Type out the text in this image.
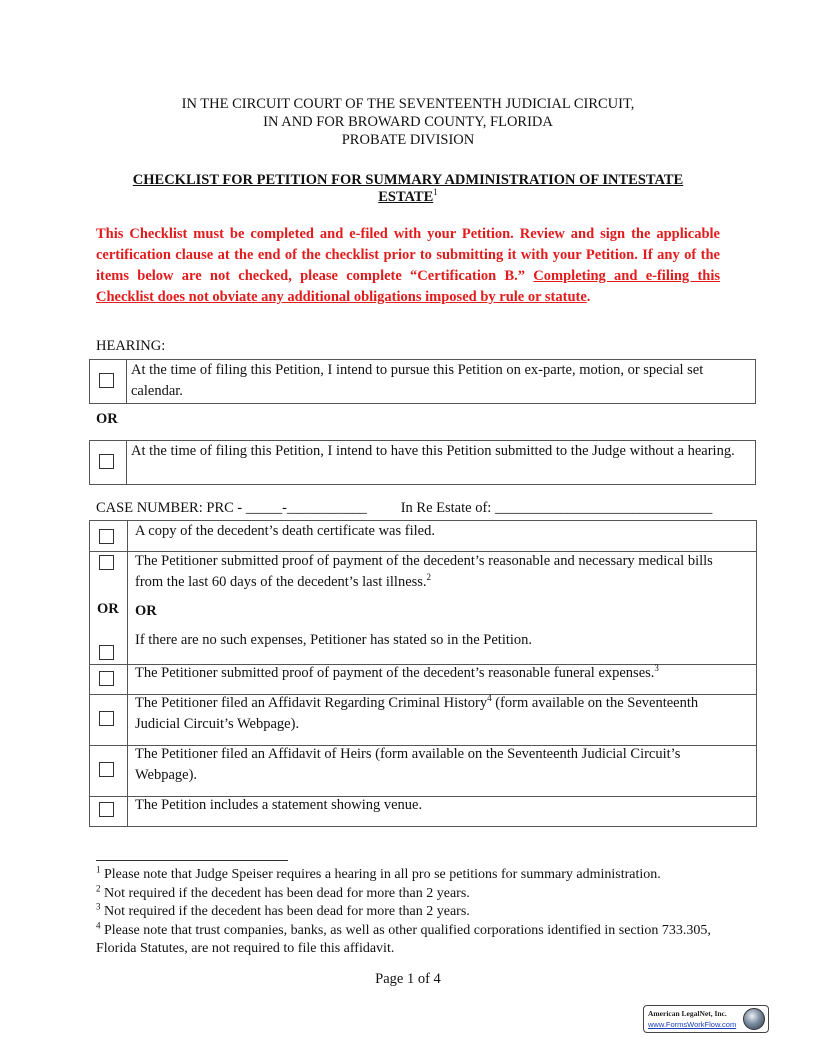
IN THE CIRCUIT COURT OF THE SEVENTEENTH JUDICIAL CIRCUIT,
IN AND FOR BROWARD COUNTY, FLORIDA
PROBATE DIVISION
CHECKLIST FOR PETITION FOR SUMMARY ADMINISTRATION OF INTESTATE
ESTATE$^1$
This Checklist must be completed and e-filed with your Petition. Review and sign the applicable certification clause at the end of the checklist prior to submitting it with your Petition. If any of the items below are not checked, please complete “Certification B.” Completing and e-filing this Checklist does not obviate any additional obligations imposed by rule or statute.
HEARING:
At the time of filing this Petition, I intend to pursue this Petition on ex-parte, motion, or special set calendar.
OR
At the time of filing this Petition, I intend to have this Petition submitted to the Judge without a hearing.
CASE NUMBER: PRC - _____-___________ In Re Estate of: ______________________________
A copy of the decedent’s death certificate was filed.
The Petitioner submitted proof of payment of the decedent’s reasonable and necessary medical bills from the last 60 days of the decedent’s last illness.$^2$
OR OR
If there are no such expenses, Petitioner has stated so in the Petition.
The Petitioner submitted proof of payment of the decedent’s reasonable funeral expenses.$^3$
The Petitioner filed an Affidavit Regarding Criminal History$^4$ (form available on the Seventeenth Judicial Circuit’s Webpage).
The Petitioner filed an Affidavit of Heirs (form available on the Seventeenth Judicial Circuit’s Webpage).
The Petition includes a statement showing venue.
$^1$ Please note that Judge Speiser requires a hearing in all pro se petitions for summary administration.
$^2$ Not required if the decedent has been dead for more than 2 years.
$^3$ Not required if the decedent has been dead for more than 2 years.
$^4$ Please note that trust companies, banks, as well as other qualified corporations identified in section 733.305, Florida Statutes, are not required to file this affidavit.
Page 1 of 4
American LegalNet, Inc.
www.FormsWorkFlow.com
